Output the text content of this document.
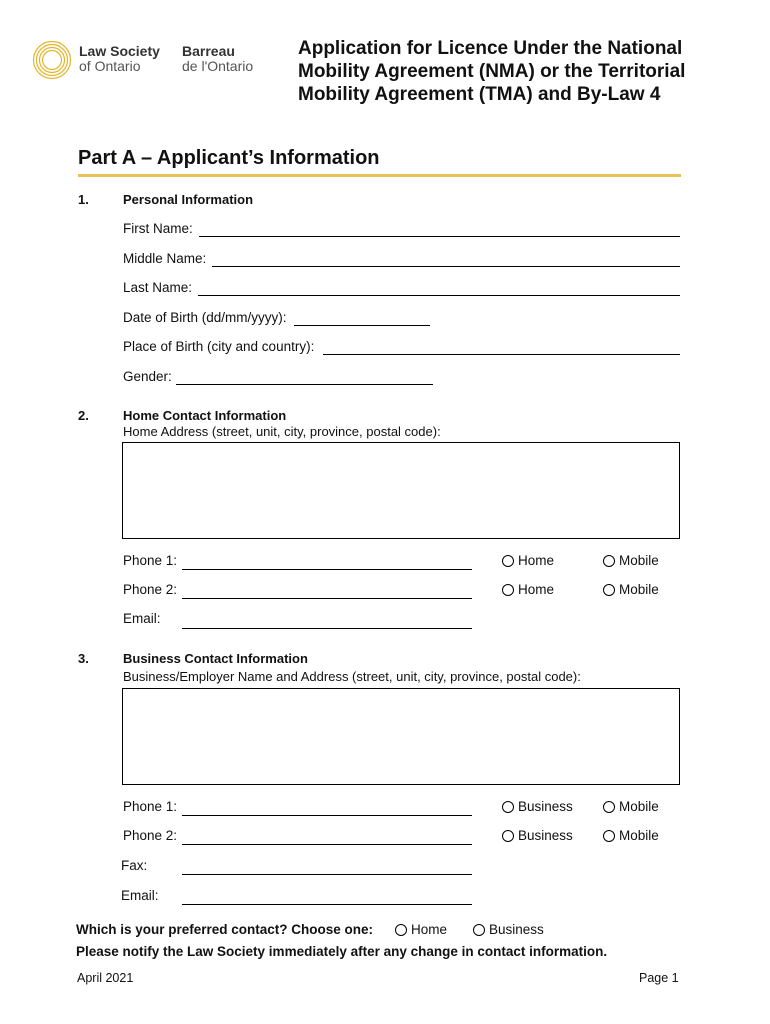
Law Society
of Ontario
Barreau
de l'Ontario
Application for Licence Under the National Mobility Agreement (NMA) or the Territorial Mobility Agreement (TMA) and By-Law 4
Part A – Applicant’s Information
1.	Personal Information
First Name:
Middle Name:
Last Name:
Date of Birth (dd/mm/yyyy):
Place of Birth (city and country):
Gender:
2.	Home Contact Information
Home Address (street, unit, city, province, postal code):
Phone 1:	Home	Mobile
Phone 2:	Home	Mobile
Email:
3.	Business Contact Information
Business/Employer Name and Address (street, unit, city, province, postal code):
Phone 1:	Business	Mobile
Phone 2:	Business	Mobile
Fax:
Email:
Which is your preferred contact? Choose one:	Home	Business
Please notify the Law Society immediately after any change in contact information.
April 2021	Page 1
